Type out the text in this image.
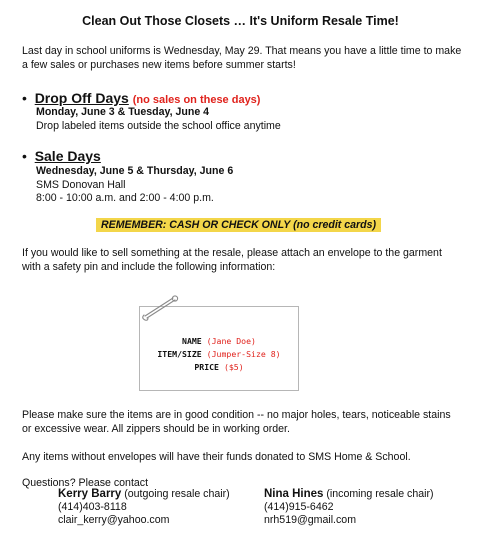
Clean Out Those Closets … It's Uniform Resale Time!
Last day in school uniforms is Wednesday, May 29. That means you have a little time to make a few sales or purchases new items before summer starts!
• Drop Off Days (no sales on these days)
Monday, June 3 & Tuesday, June 4
Drop labeled items outside the school office anytime
• Sale Days
Wednesday, June 5 & Thursday, June 6
SMS Donovan Hall
8:00 - 10:00 a.m. and 2:00 - 4:00 p.m.
REMEMBER: CASH OR CHECK ONLY (no credit cards)
If you would like to sell something at the resale, please attach an envelope to the garment with a safety pin and include the following information:
NAME (Jane Doe)
ITEM/SIZE (Jumper-Size 8)
PRICE ($5)
Please make sure the items are in good condition -- no major holes, tears, noticeable stains or excessive wear. All zippers should be in working order.
Any items without envelopes will have their funds donated to SMS Home & School.
Questions? Please contact
Kerry Barry (outgoing resale chair)
(414)403-8118
clair_kerry@yahoo.com
Nina Hines (incoming resale chair)
(414)915-6462
nrh519@gmail.com
